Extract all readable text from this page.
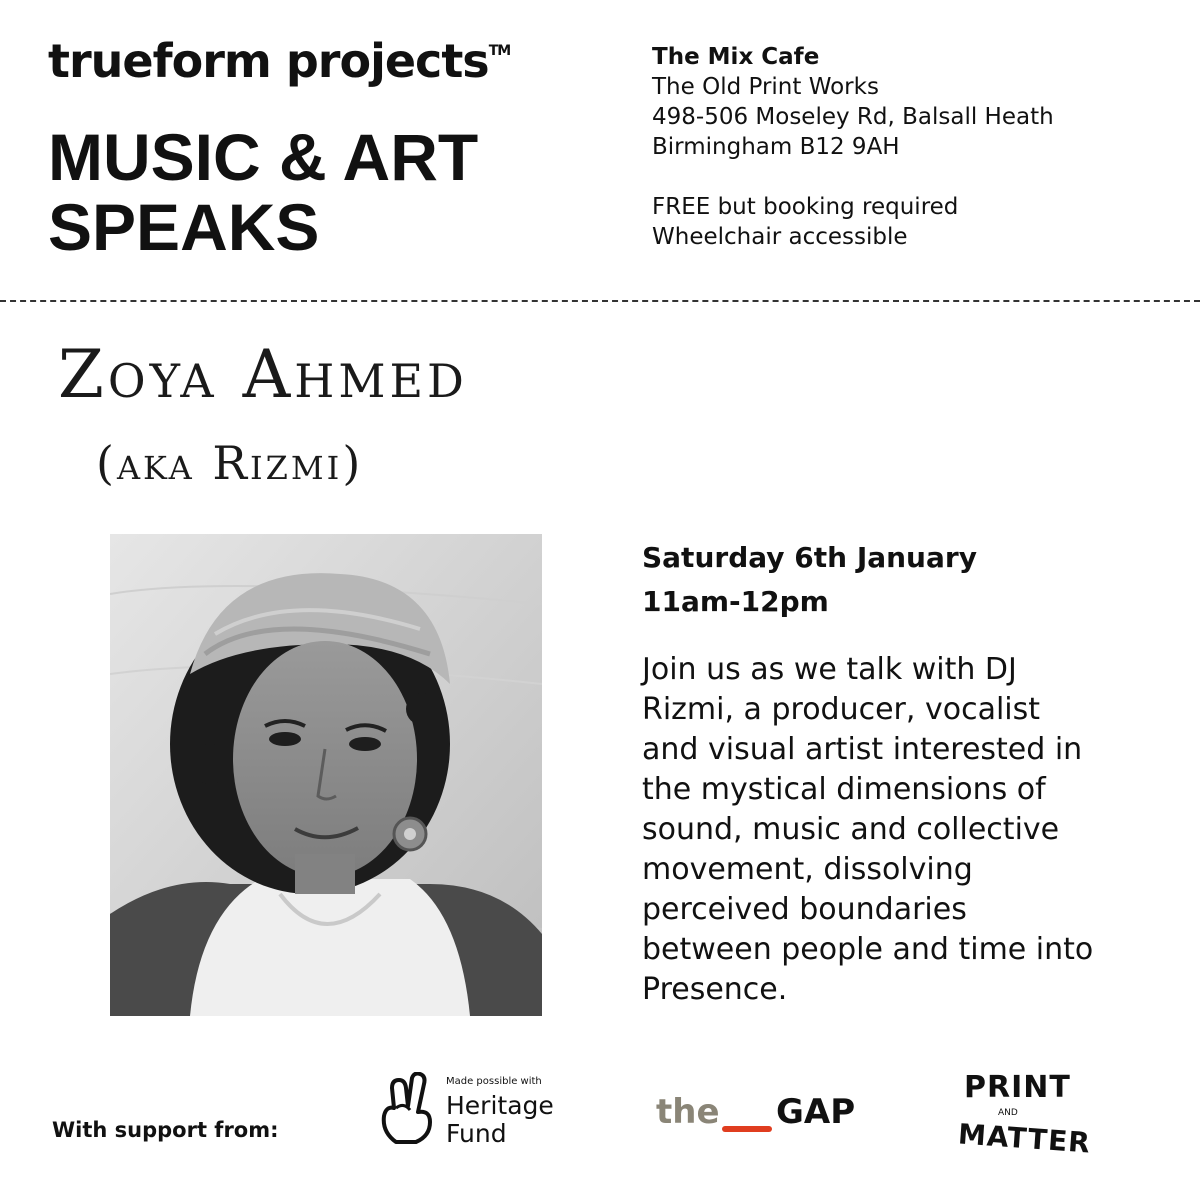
trueform projects™
MUSIC & ART
SPEAKS
The Mix Cafe
The Old Print Works
498-506 Moseley Rd, Balsall Heath
Birmingham B12 9AH
FREE but booking required
Wheelchair accessible
Zoya Ahmed
(aka Rizmi)
Saturday 6th January
11am-12pm
Join us as we talk with DJ
Rizmi, a producer, vocalist
and visual artist interested in
the mystical dimensions of
sound, music and collective
movement, dissolving
perceived boundaries
between people and time into
Presence.
With support from:
Made possible with
Heritage
Fund
the GAP
PRINT
AND
MATTER
